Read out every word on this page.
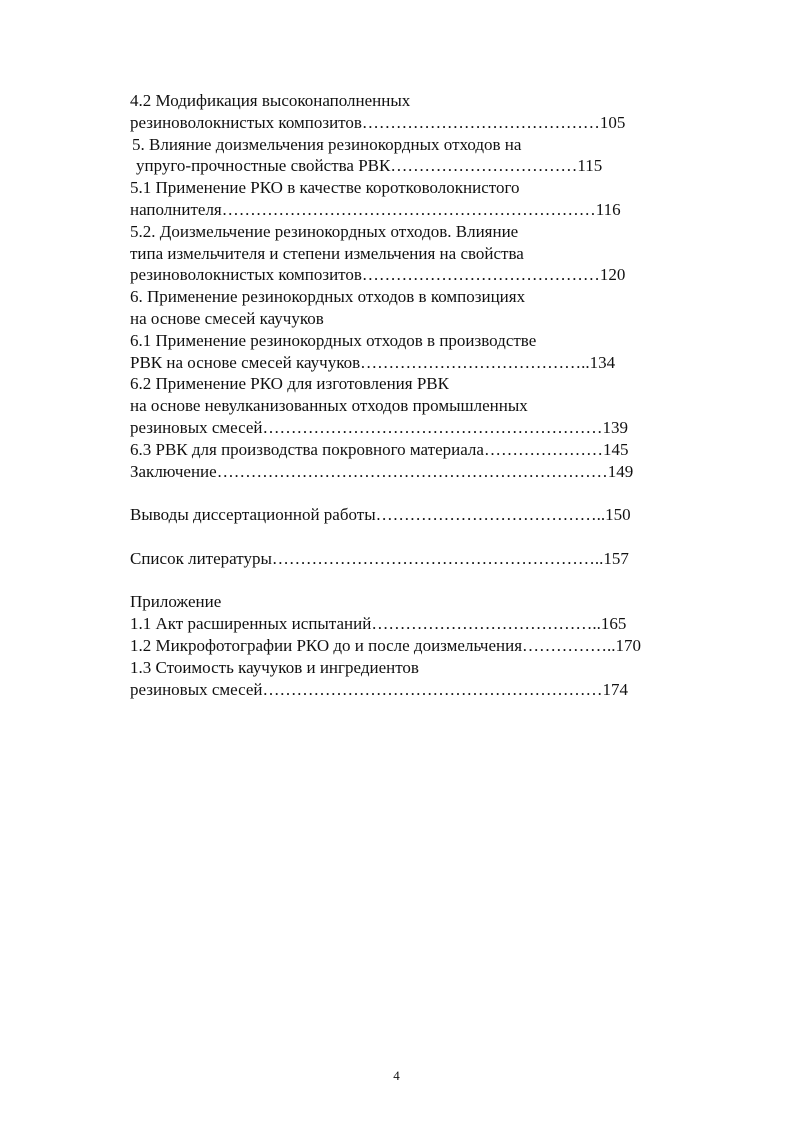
4.2 Модификация высоконаполненных
резиноволокнистых композитов……………………………………105
5. Влияние доизмельчения резинокордных отходов на
упруго-прочностные свойства РВК……………………………115
5.1 Применение РКО в качестве коротковолокнистого
наполнителя…………………………………………………………116
5.2. Доизмельчение резинокордных отходов. Влияние
типа измельчителя и степени измельчения на свойства
резиноволокнистых композитов……………………………………120
6. Применение резинокордных отходов в композициях
на основе смесей каучуков
6.1 Применение резинокордных отходов в производстве
РВК на основе смесей каучуков…………………………………..134
6.2 Применение РКО для изготовления РВК
на основе невулканизованных отходов промышленных
резиновых смесей……………………………………………………139
6.3 РВК для производства покровного материала…………………145
Заключение……………………………………………………………149
Выводы диссертационной работы…………………………………..150
Список литературы…………………………………………………..157
Приложение
1.1 Акт расширенных испытаний…………………………………..165
1.2 Микрофотографии РКО до и после доизмельчения……………..170
1.3 Стоимость каучуков и ингредиентов
резиновых смесей……………………………………………………174
4
